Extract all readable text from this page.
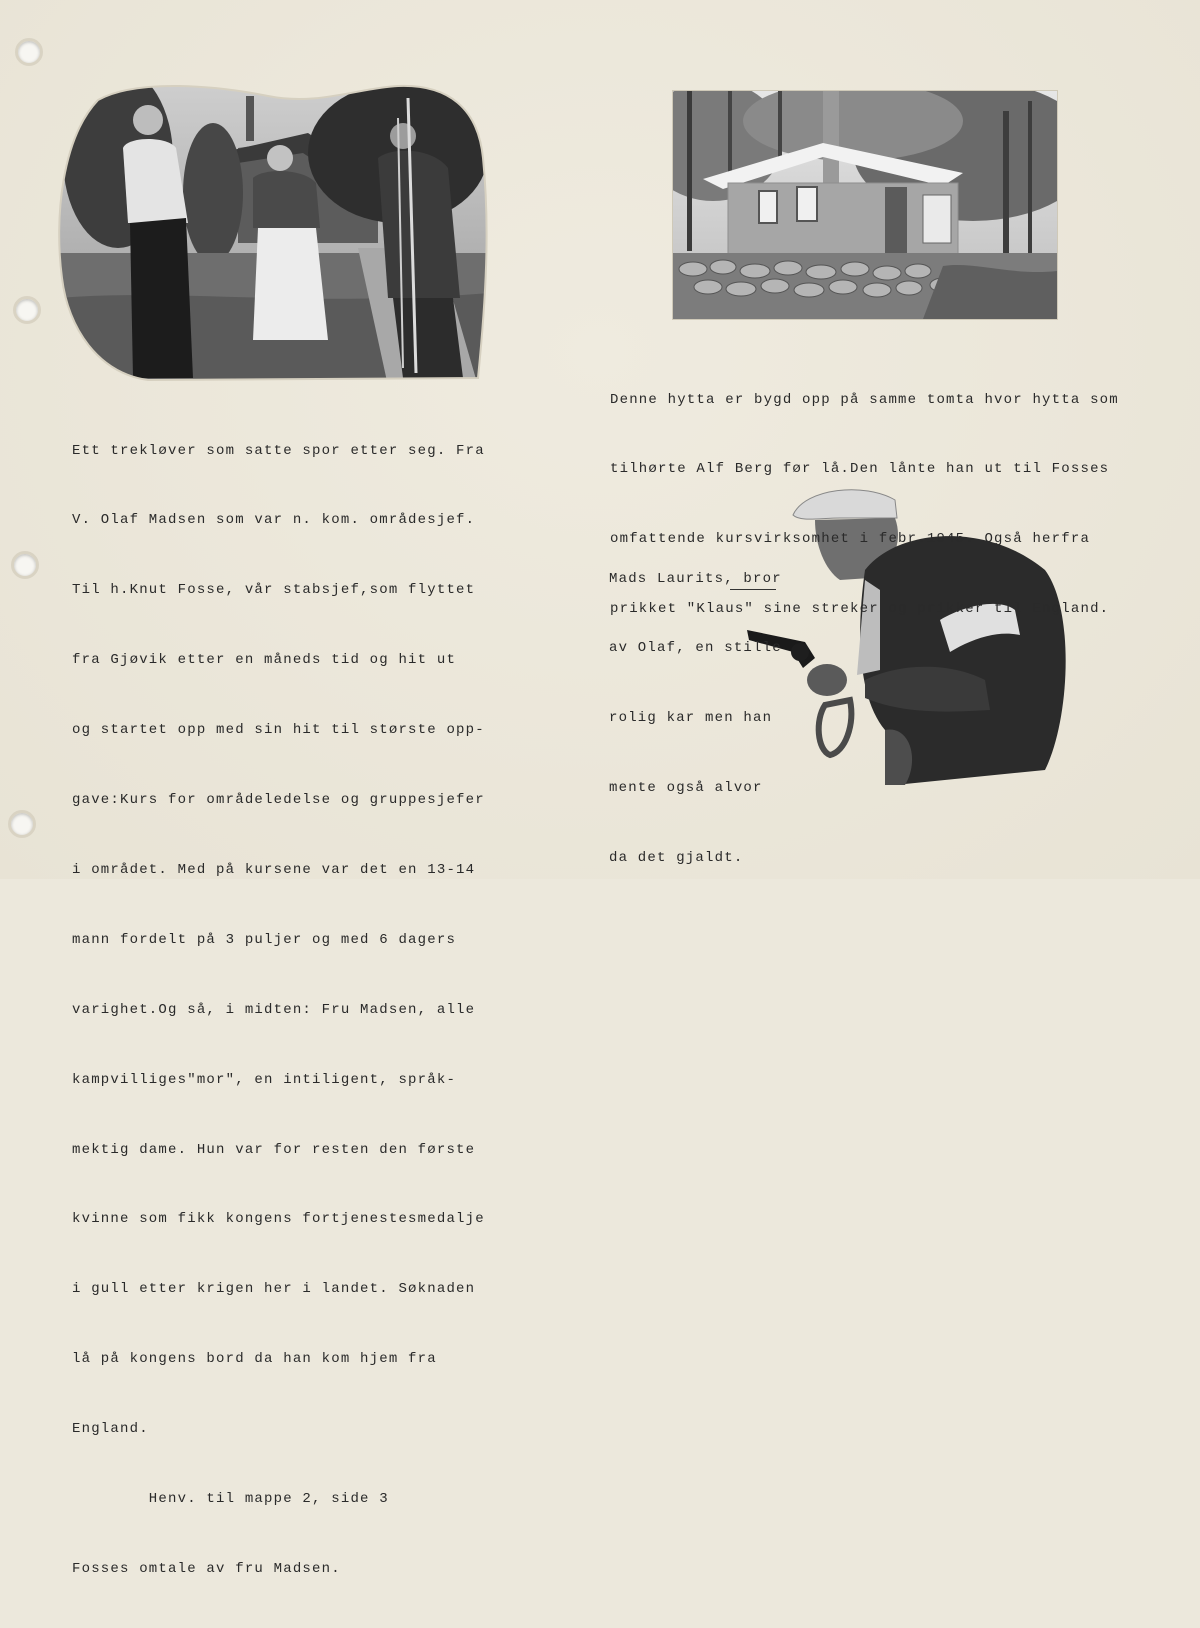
Ett trekløver som satte spor etter seg. Fra

V. Olaf Madsen som var n. kom. områdesjef.

Til h.Knut Fosse, vår stabsjef,som flyttet

fra Gjøvik etter en måneds tid og hit ut

og startet opp med sin hit til største opp-

gave:Kurs for områdeledelse og gruppesjefer

i området. Med på kursene var det en 13-14

mann fordelt på 3 puljer og med 6 dagers

varighet.Og så, i midten: Fru Madsen, alle

kampvilliges"mor", en intiligent, språk-

mektig dame. Hun var for resten den første

kvinne som fikk kongens fortjenestesmedalje

i gull etter krigen her i landet. Søknaden

lå på kongens bord da han kom hjem fra

England.

Henv. til mappe 2, side 3

Fosses omtale av fru Madsen.

Denne hytta er bygd opp på samme tomta hvor hytta som

tilhørte Alf Berg før lå.Den lånte han ut til Fosses

omfattende kursvirksomhet i febr.1945. Også herfra

prikket "Klaus" sine streker og prikker til England.

Mads Laurits, bror

av Olaf, en stille

rolig kar men han

mente også alvor

da det gjaldt.
